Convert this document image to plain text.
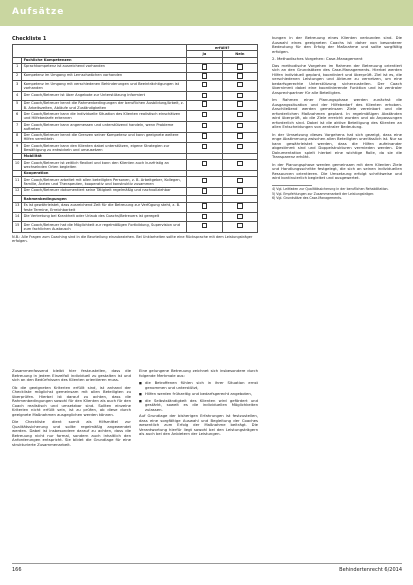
Aufsätze
Checkliste 1
		erfüllt?	
		Ja	Nein
	Fachliche Kompetenzen		
1	Sprachkompetenz ist ausreichend vorhanden		
2	Kompetenz im Umgang mit Lernschwächen vorhanden		
3	Kompetenz im Umgang mit verschiedenen Behinderungen und Beeinträchtigungen ist vorhanden		
4	Der Coach/Betreuer ist über Angebote zur Unterstützung informiert		
5	Der Coach/Betreuer kennt die Rahmenbedingungen der beruflichen Ausbildung/Arbeit, z. B. Arbeitszeiten, Abläufe und Zuständigkeiten		
6	Der Coach/Betreuer kann die individuelle Situation des Klienten realistisch einschätzen und Hilfebedarfe erkennen		
7	Der Coach/Betreuer kann angemessen und unterstützend handeln, wenn Probleme auftreten		
8	Der Coach/Betreuer kennt die Grenzen seiner Kompetenz und kann geeignete weitere Hilfen vermitteln		
9	Der Coach/Betreuer kann den Klienten dabei unterstützen, eigene Strategien zur Bewältigung zu entwickeln und umzusetzen		
	Mobilität		
10	Der Coach/Betreuer ist zeitlich flexibel und kann den Klienten auch kurzfristig an wechselnden Orten begleiten		
	Kooperation		
11	Der Coach/Betreuer arbeitet mit allen beteiligten Personen, z. B. Arbeitgeber, Kollegen, Familie, Ärzten und Therapeuten, kooperativ und konstruktiv zusammen		
12	Der Coach/Betreuer dokumentiert seine Tätigkeit regelmäßig und nachvollziehbar		
	Rahmenbedingungen		
13	Es ist gewährleistet, dass ausreichend Zeit für die Betreuung zur Verfügung steht, z. B. feste Termine, Erreichbarkeit		
14	Die Vertretung bei Krankheit oder Urlaub des Coachs/Betreuers ist geregelt		
15	Der Coach/Betreuer hat die Möglichkeit zur regelmäßigen Fortbildung, Supervision und zum fachlichen Austausch		
N.B.: Alle Fragen zum Coaching sind in die Beurteilung einzubeziehen. Bei Unklarheiten sollte eine Rücksprache mit dem Leistungsträger erfolgen.

Zusammenfassend bleibt hier festzustellen, dass die Betreuung in jedem Einzelfall individuell zu gestalten ist und sich an den Bedürfnissen des Klienten orientieren muss.

Ob die geeigneten Kriterien erfüllt sind, ist anhand der Checkliste möglichst gemeinsam mit allen Beteiligten zu überprüfen. Hierbei ist darauf zu achten, dass die Rahmenbedingungen sowohl für den Klienten als auch für den Coach realistisch und umsetzbar sind. Sollten einzelne Kriterien nicht erfüllt sein, ist zu prüfen, ob diese durch geeignete Maßnahmen ausgeglichen werden können.

Die Checkliste dient somit als Hilfsmittel zur Qualitätssicherung und sollte regelmäßig angewendet werden. Dabei ist insbesondere darauf zu achten, dass die Betreuung nicht nur formal, sondern auch inhaltlich den Anforderungen entspricht. Sie bildet die Grundlage für eine strukturierte Zusammenarbeit.

Eine gelungene Betreuung zeichnet sich insbesondere durch folgende Merkmale aus:

■ die Betroffenen fühlen sich in ihrer Situation ernst genommen und unterstützt,

■ Hilfen werden frühzeitig und bedarfsgerecht angeboten,

■ die Selbstständigkeit des Klienten wird gefördert und gestärkt, soweit es die individuellen Möglichkeiten zulassen.

Auf Grundlage der bisherigen Erfahrungen ist festzustellen, dass eine sorgfältige Auswahl und Begleitung der Coaches wesentlich zum Erfolg der Maßnahme beiträgt. Die Verantwortung hierfür liegt sowohl bei den Leistungsträgern als auch bei den Anbietern der Leistungen.

kungen in der Betreuung eines Klienten verbunden sind. Die Auswahl eines geeigneten Coachs ist daher von besonderer Bedeutung für den Erfolg der Maßnahme und sollte sorgfältig erfolgen.

2. Methodisches Vorgehen: Case-Management

Das methodische Vorgehen im Rahmen der Betreuung orientiert sich an den Grundsätzen des Case-Managements. Hierbei werden Hilfen individuell geplant, koordiniert und überprüft. Ziel ist es, die verschiedenen Leistungen und Akteure zu vernetzen, um eine bedarfsgerechte Unterstützung sicherzustellen. Der Coach übernimmt dabei eine koordinierende Funktion und ist zentraler Ansprechpartner für alle Beteiligten.

Im Rahmen einer Planungsphase werden zunächst die Ausgangssituation und der Hilfebedarf des Klienten erhoben. Anschließend werden gemeinsam Ziele vereinbart und die erforderlichen Maßnahmen geplant. In regelmäßigen Abständen wird überprüft, ob die Ziele erreicht wurden und ob Anpassungen erforderlich sind. Dabei ist die aktive Beteiligung des Klienten an allen Entscheidungen von zentraler Bedeutung.

In der Umsetzung dieses Vorgehens hat sich gezeigt, dass eine enge Abstimmung zwischen allen Beteiligten unerlässlich ist. Nur so kann gewährleistet werden, dass die Hilfen aufeinander abgestimmt sind und Doppelstrukturen vermieden werden. Die Dokumentation spielt hierbei eine wichtige Rolle, da sie die Transparenz erhöht.

In der Planungsphase werden gemeinsam mit dem Klienten Ziele und Handlungsschritte festgelegt, die sich an seinen individuellen Ressourcen orientieren. Die Umsetzung erfolgt schrittweise und wird kontinuierlich begleitet und ausgewertet.

4) Vgl. Leitfaden zur Qualitätssicherung in der beruflichen Rehabilitation.

5) Vgl. Empfehlungen zur Zusammenarbeit der Leistungsträger.

6) Vgl. Grundsätze des Case-Managements.

166	Behindertenrecht 6/2014
